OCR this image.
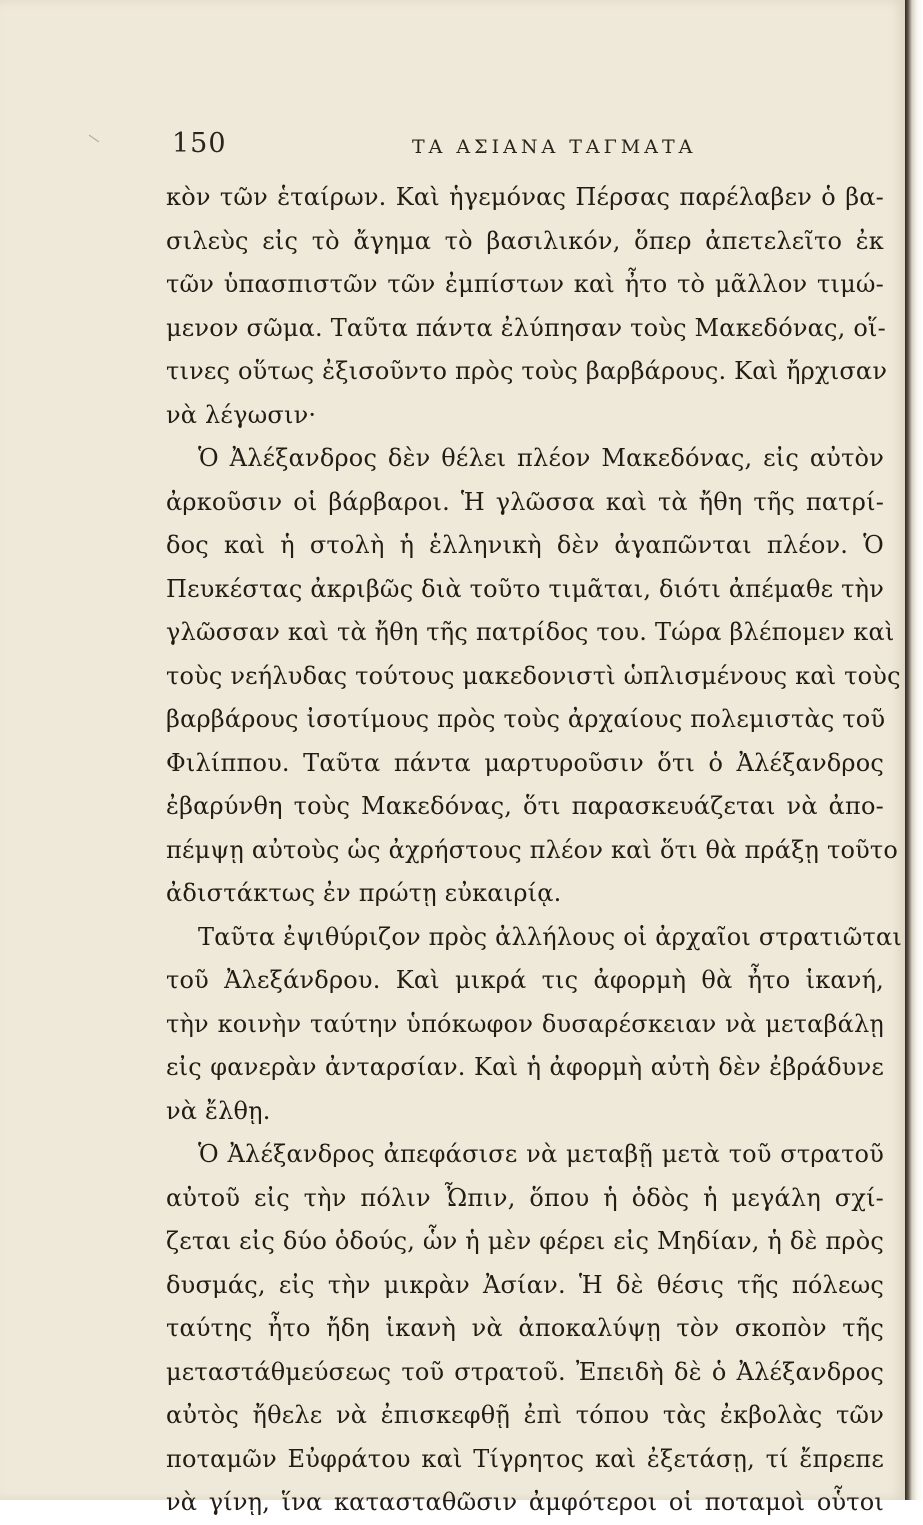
150	ΤΑ ΑΣΙΑΝΑ ΤΑΓΜΑΤΑ
κὸν τῶν ἑταίρων. Καὶ ἡγεμόνας Πέρσας παρέλαβεν ὁ βα-
σιλεὺς εἰς τὸ ἄγημα τὸ βασιλικόν, ὅπερ ἀπετελεῖτο ἐκ
τῶν ὑπασπιστῶν τῶν ἐμπίστων καὶ ἦτο τὸ μᾶλλον τιμώ-
μενον σῶμα. Ταῦτα πάντα ἐλύπησαν τοὺς Μακεδόνας, οἵ-
τινες οὕτως ἐξισοῦντο πρὸς τοὺς βαρβάρους. Καὶ ἤρχισαν
νὰ λέγωσιν·
Ὁ Ἀλέξανδρος δὲν θέλει πλέον Μακεδόνας, εἰς αὐτὸν
ἀρκοῦσιν οἱ βάρβαροι. Ἡ γλῶσσα καὶ τὰ ἤθη τῆς πατρί-
δος καὶ ἡ στολὴ ἡ ἑλληνικὴ δὲν ἀγαπῶνται πλέον. Ὁ
Πευκέστας ἀκριβῶς διὰ τοῦτο τιμᾶται, διότι ἀπέμαθε τὴν
γλῶσσαν καὶ τὰ ἤθη τῆς πατρίδος του. Τώρα βλέπομεν καὶ
τοὺς νεήλυδας τούτους μακεδονιστὶ ὡπλισμένους καὶ τοὺς
βαρβάρους ἰσοτίμους πρὸς τοὺς ἀρχαίους πολεμιστὰς τοῦ
Φιλίππου. Ταῦτα πάντα μαρτυροῦσιν ὅτι ὁ Ἀλέξανδρος
ἐβαρύνθη τοὺς Μακεδόνας, ὅτι παρασκευάζεται νὰ ἀπο-
πέμψῃ αὐτοὺς ὡς ἀχρήστους πλέον καὶ ὅτι θὰ πράξῃ τοῦτο
ἀδιστάκτως ἐν πρώτῃ εὐκαιρίᾳ.
Ταῦτα ἐψιθύριζον πρὸς ἀλλήλους οἱ ἀρχαῖοι στρατιῶται
τοῦ Ἀλεξάνδρου. Καὶ μικρά τις ἀφορμὴ θὰ ἦτο ἱκανή,
τὴν κοινὴν ταύτην ὑπόκωφον δυσαρέσκειαν νὰ μεταβάλῃ
εἰς φανερὰν ἀνταρσίαν. Καὶ ἡ ἀφορμὴ αὐτὴ δὲν ἐβράδυνε
νὰ ἔλθῃ.
Ὁ Ἀλέξανδρος ἀπεφάσισε νὰ μεταβῇ μετὰ τοῦ στρατοῦ
αὐτοῦ εἰς τὴν πόλιν Ὦπιν, ὅπου ἡ ὁδὸς ἡ μεγάλη σχί-
ζεται εἰς δύο ὁδούς, ὧν ἡ μὲν φέρει εἰς Μηδίαν, ἡ δὲ πρὸς
δυσμάς, εἰς τὴν μικρὰν Ἀσίαν. Ἡ δὲ θέσις τῆς πόλεως
ταύτης ἦτο ἤδη ἱκανὴ νὰ ἀποκαλύψῃ τὸν σκοπὸν τῆς
μεταστάθμεύσεως τοῦ στρατοῦ. Ἐπειδὴ δὲ ὁ Ἀλέξανδρος
αὐτὸς ἤθελε νὰ ἐπισκεφθῇ ἐπὶ τόπου τὰς ἐκβολὰς τῶν
ποταμῶν Εὐφράτου καὶ Τίγρητος καὶ ἐξετάσῃ, τί ἔπρεπε
νὰ γίνῃ, ἵνα κατασταθῶσιν ἀμφότεροι οἱ ποταμοὶ οὗτοι
